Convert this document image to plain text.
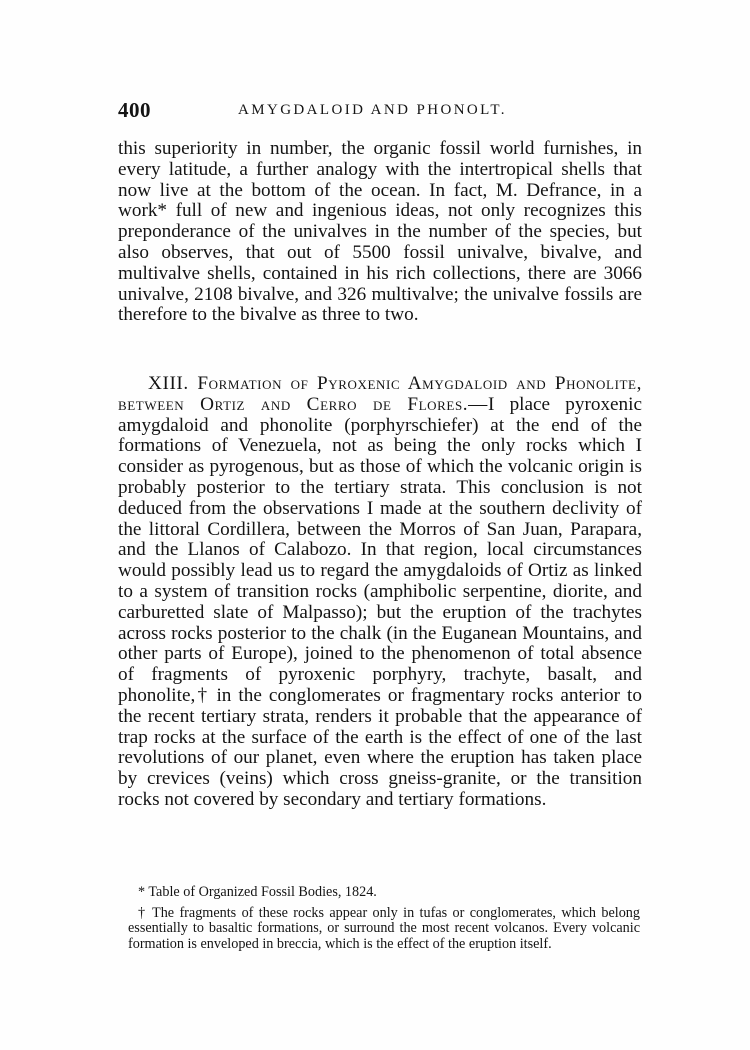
400	AMYGDALOID AND PHONOLT.

this superiority in number, the organic fossil world furnishes, in every latitude, a further analogy with the intertropical shells that now live at the bottom of the ocean. In fact, M. Defrance, in a work* full of new and ingenious ideas, not only recognizes this preponderance of the univalves in the number of the species, but also observes, that out of 5500 fossil univalve, bivalve, and multivalve shells, contained in his rich collections, there are 3066 univalve, 2108 bivalve, and 326 multivalve; the univalve fossils are therefore to the bivalve as three to two.

XIII. Formation of Pyroxenic Amygdaloid and Phonolite, between Ortiz and Cerro de Flores.—I place pyroxenic amygdaloid and phonolite (porphyrschiefer) at the end of the formations of Venezuela, not as being the only rocks which I consider as pyrogenous, but as those of which the volcanic origin is probably posterior to the tertiary strata. This conclusion is not deduced from the observations I made at the southern declivity of the littoral Cordillera, between the Morros of San Juan, Parapara, and the Llanos of Calabozo. In that region, local circumstances would possibly lead us to regard the amygdaloids of Ortiz as linked to a system of transition rocks (amphibolic serpentine, diorite, and carburetted slate of Malpasso); but the eruption of the trachytes across rocks posterior to the chalk (in the Euganean Mountains, and other parts of Europe), joined to the phenomenon of total absence of fragments of pyroxenic porphyry, trachyte, basalt, and phonolite,† in the conglomerates or fragmentary rocks anterior to the recent tertiary strata, renders it probable that the appearance of trap rocks at the surface of the earth is the effect of one of the last revolutions of our planet, even where the eruption has taken place by crevices (veins) which cross gneiss-granite, or the transition rocks not covered by secondary and tertiary formations.

* Table of Organized Fossil Bodies, 1824.

† The fragments of these rocks appear only in tufas or conglomerates, which belong essentially to basaltic formations, or surround the most recent volcanos. Every volcanic formation is enveloped in breccia, which is the effect of the eruption itself.
